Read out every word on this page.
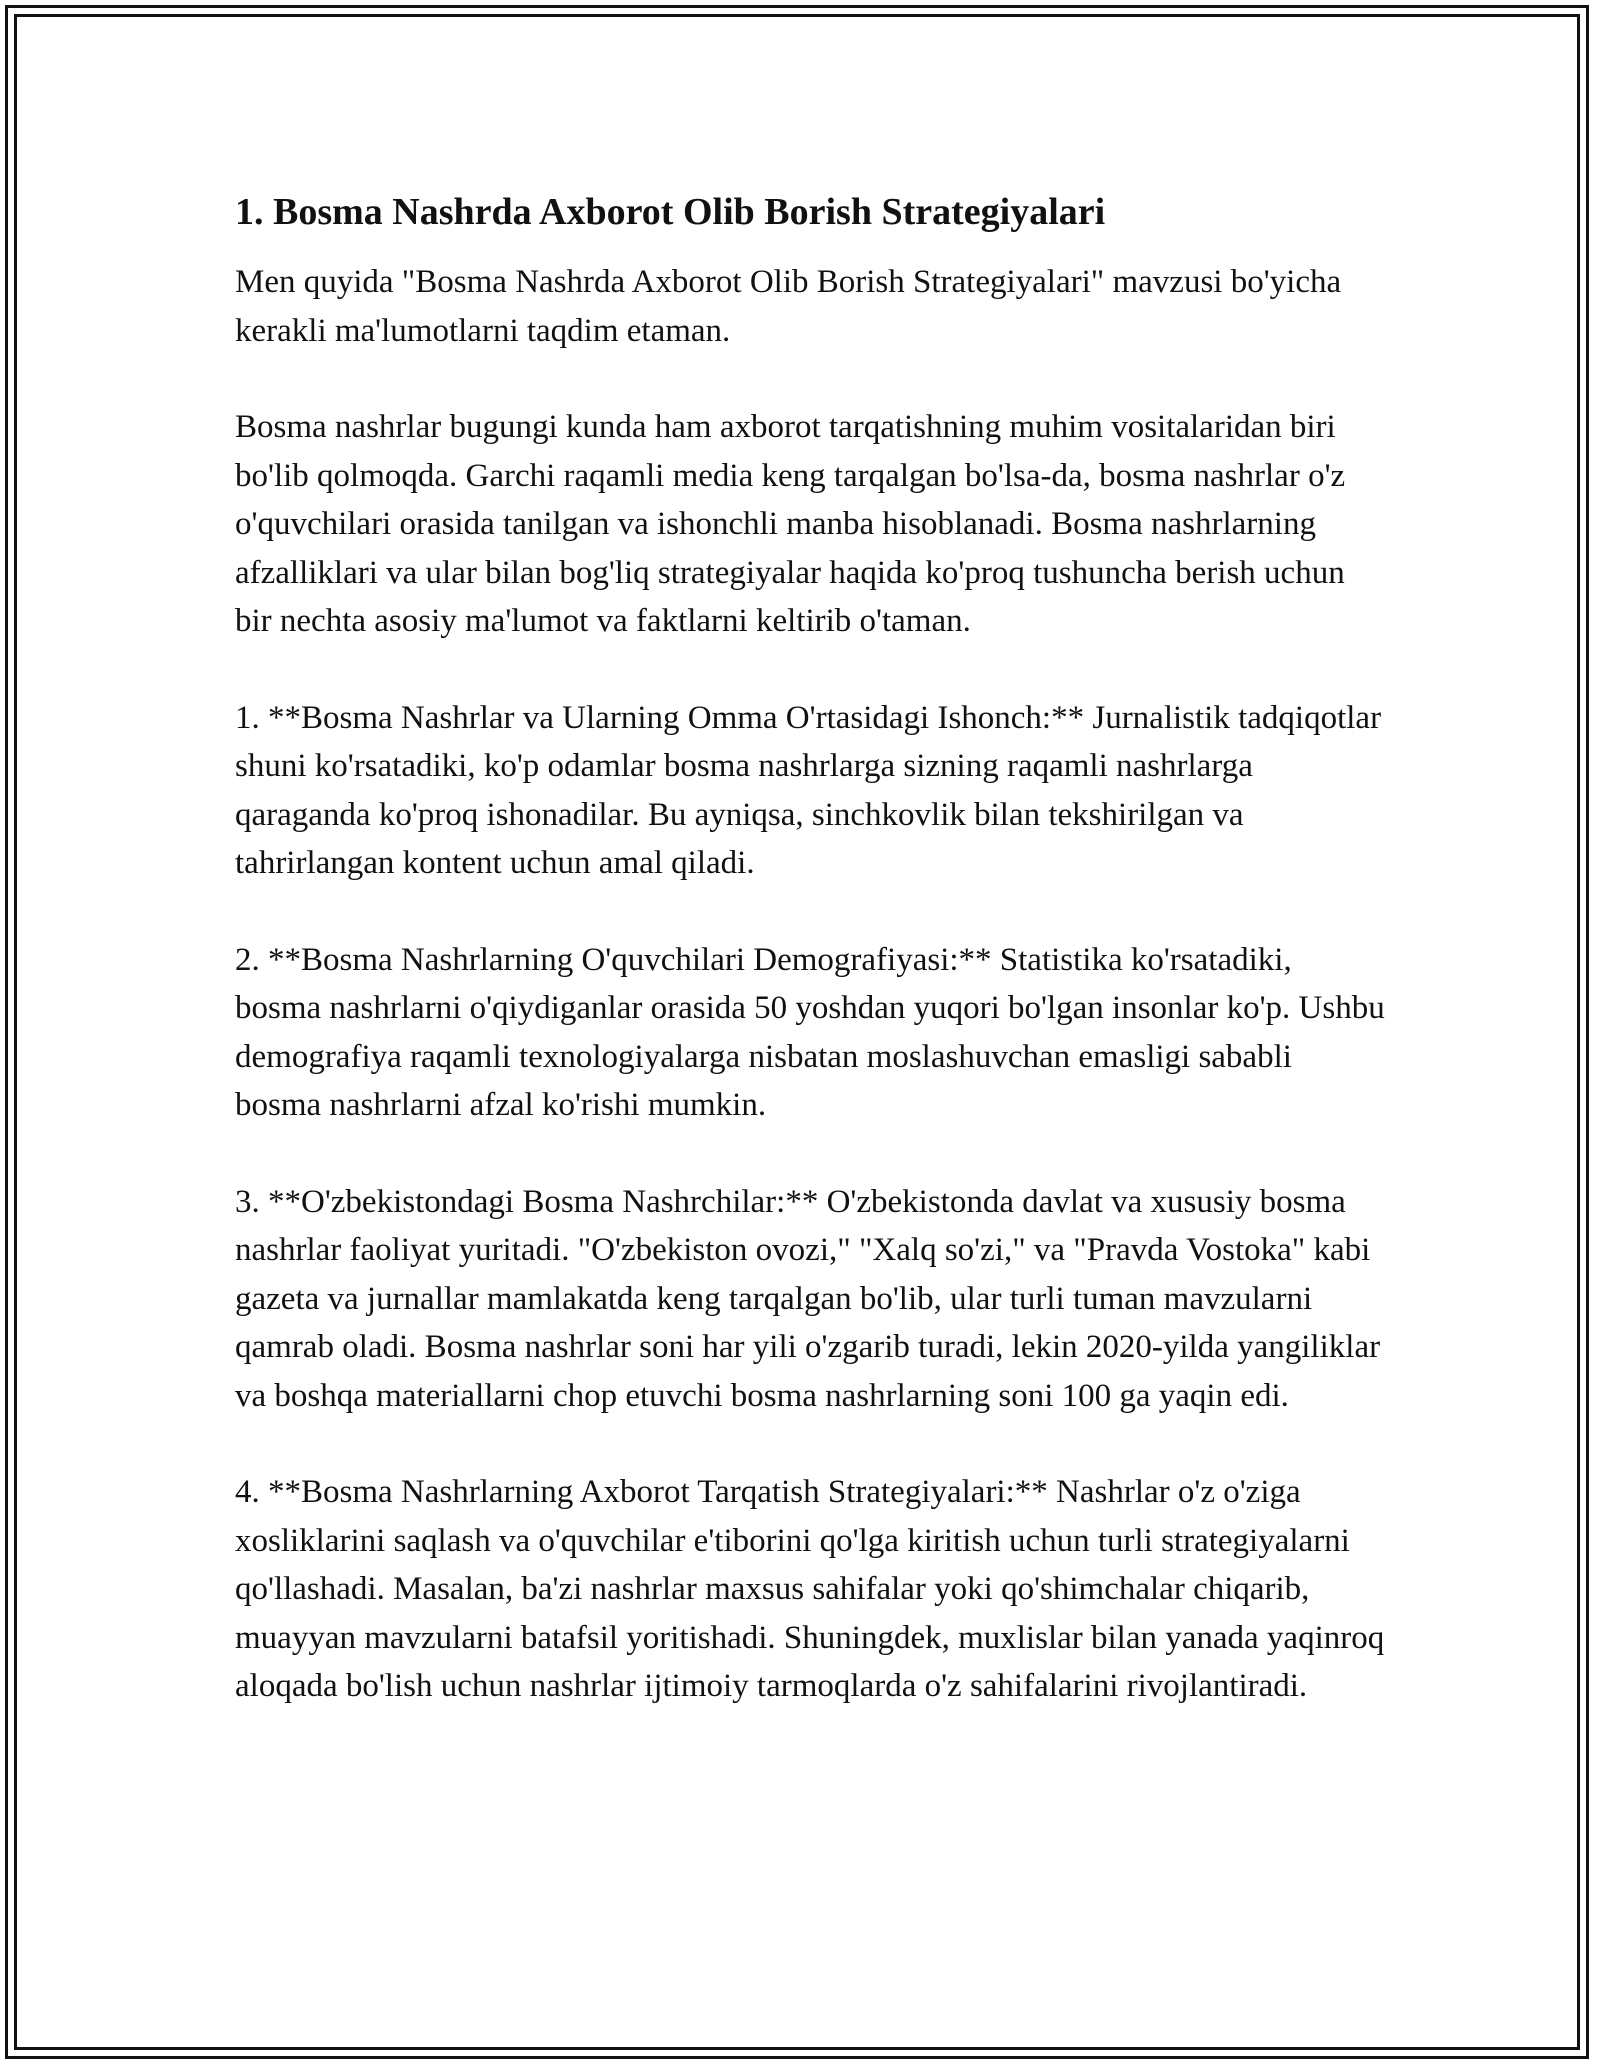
1. Bosma Nashrda Axborot Olib Borish Strategiyalari

Men quyida "Bosma Nashrda Axborot Olib Borish Strategiyalari" mavzusi bo'yicha kerakli ma'lumotlarni taqdim etaman.

Bosma nashrlar bugungi kunda ham axborot tarqatishning muhim vositalaridan biri bo'lib qolmoqda. Garchi raqamli media keng tarqalgan bo'lsa-da, bosma nashrlar o'z o'quvchilari orasida tanilgan va ishonchli manba hisoblanadi. Bosma nashrlarning afzalliklari va ular bilan bog'liq strategiyalar haqida ko'proq tushuncha berish uchun bir nechta asosiy ma'lumot va faktlarni keltirib o'taman.

1. **Bosma Nashrlar va Ularning Omma O'rtasidagi Ishonch:** Jurnalistik tadqiqotlar shuni ko'rsatadiki, ko'p odamlar bosma nashrlarga sizning raqamli nashrlarga qaraganda ko'proq ishonadilar. Bu ayniqsa, sinchkovlik bilan tekshirilgan va tahrirlangan kontent uchun amal qiladi.

2. **Bosma Nashrlarning O'quvchilari Demografiyasi:** Statistika ko'rsatadiki, bosma nashrlarni o'qiydiganlar orasida 50 yoshdan yuqori bo'lgan insonlar ko'p. Ushbu demografiya raqamli texnologiyalarga nisbatan moslashuvchan emasligi sababli bosma nashrlarni afzal ko'rishi mumkin.

3. **O'zbekistondagi Bosma Nashrchilar:** O'zbekistonda davlat va xususiy bosma nashrlar faoliyat yuritadi. "O'zbekiston ovozi," "Xalq so'zi," va "Pravda Vostoka" kabi gazeta va jurnallar mamlakatda keng tarqalgan bo'lib, ular turli tuman mavzularni qamrab oladi. Bosma nashrlar soni har yili o'zgarib turadi, lekin 2020-yilda yangiliklar va boshqa materiallarni chop etuvchi bosma nashrlarning soni 100 ga yaqin edi.

4. **Bosma Nashrlarning Axborot Tarqatish Strategiyalari:** Nashrlar o'z o'ziga xosliklarini saqlash va o'quvchilar e'tiborini qo'lga kiritish uchun turli strategiyalarni qo'llashadi. Masalan, ba'zi nashrlar maxsus sahifalar yoki qo'shimchalar chiqarib, muayyan mavzularni batafsil yoritishadi. Shuningdek, muxlislar bilan yanada yaqinroq aloqada bo'lish uchun nashrlar ijtimoiy tarmoqlarda o'z sahifalarini rivojlantiradi.
